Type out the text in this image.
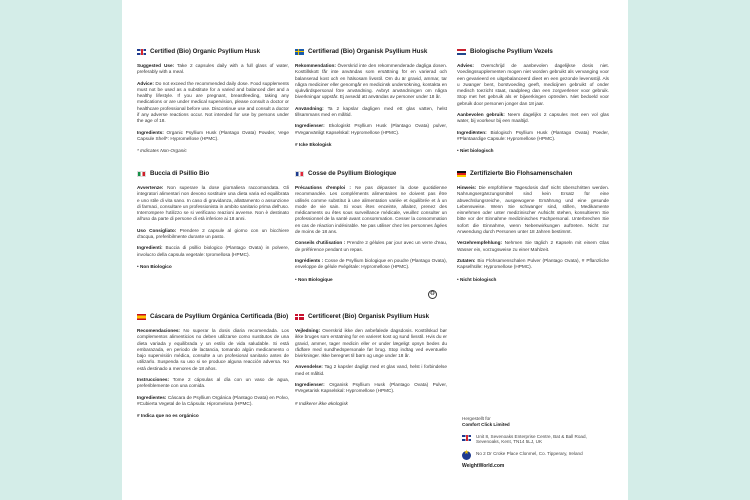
Certified (Bio) Organic Psyllium Husk

Suggested Use: Take 2 capsules daily with a full glass of water, preferably with a meal.

Advice: Do not exceed the recommended daily dose. Food supplements must not be used as a substitute for a varied and balanced diet and a healthy lifestyle. If you are pregnant, breastfeeding, taking any medications or are under medical supervision, please consult a doctor or healthcare professional before use. Discontinue use and consult a doctor if any adverse reactions occur. Not intended for use by persons under the age of 18.

Ingredients: Organic Psyllium Husk (Plantago Ovata) Powder, Vege Capsule Shell*: Hypromellose (HPMC).

* Indicates Non-Organic

Certifierad (Bio) Organisk Psyllium Husk

Rekommendation: Överskrid inte den rekommenderade dagliga dosen. Kosttillskott får inte användas som ersättning för en varierad och balanserad kost och en hälsosam livsstil. Om du är gravid, ammar, tar några mediciner eller genomgår en medicinsk undersökning, kontakta en sjukvårdspersonal före användning. Avbryt användningen om några biverkningar uppstår. Ej avsedd att användas av personer under 18 år.

Användning: Ta 2 kapslar dagligen med ett glas vatten, helst tillsammans med en måltid.

Ingredienser: Ekologiskt Psyllium Husk (Plantago Ovata) pulver, #Veganvänligt Kapselskal: Hypromellose (HPMC).

# Icke Ekologisk

Biologische Psyllium Vezels

Advies: Overschrijd de aanbevolen dagelijkse dosis niet. Voedingssupplementen mogen niet worden gebruikt als vervanging voor een gevarieerd en uitgebalanceerd dieet en een gezonde levensstijl. Als u zwanger bent, borstvoeding geeft, medicijnen gebruikt of onder medisch toezicht staat, raadpleeg dan een zorgverlener voor gebruik. Stop met het gebruik als er bijwerkingen optreden. Niet bedoeld voor gebruik door personen jonger dan 18 jaar.

Aanbevolen gebruik: Neem dagelijks 2 capsules met een vol glas water, bij voorkeur bij een maaltijd.

Ingrediënten: Biologisch Psyllium Husk (Plantago Ovata) Poeder, #Plantaardige Capsule: Hypromellose (HPMC).

• Niet biologisch

Buccia di Psillio Bio

Avvertenze: Non superare la dose giornaliera raccomandata. Gli integratori alimentari non devono sostituire una dieta varia ed equilibrata e uno stile di vita sano. In caso di gravidanza, allattamento o assunzione di farmaci, consultare un professionista in ambito sanitario prima dell'uso. Interrompere l'utilizzo se si verificano reazioni avverse. Non è destinato all'uso da parte di persone di età inferiore ai 18 anni.

Uso Consigliato: Prendere 2 capsule al giorno con un bicchiere d'acqua, preferibilmente durante un pasto.

Ingredienti: Buccia di psillio biologico (Plantago Ovata) in polvere, involucro della capsula vegetale: Ipromellosa (HPMC).

• Non Biologico

Cosse de Psyllium Biologique

Précautions d'emploi : Ne pas dépasser la dose quotidienne recommandée. Les compléments alimentaires ne doivent pas être utilisés comme substitut à une alimentation variée et équilibrée et à un mode de vie sain. Si vous êtes enceinte, allaitez, prenez des médicaments ou êtes sous surveillance médicale, veuillez consulter un professionnel de la santé avant consommation. Cesser la consommation en cas de réaction indésirable. Ne pas utiliser chez les personnes âgées de moins de 18 ans.

Conseils d'utilisation : Prendre 2 gélules par jour avec un verre d'eau, de préférence pendant un repas.

Ingrédients : Cosse de Psyllium biologique en poudre (Plantago Ovata), enveloppe de gélule #végétale: Hypromellose (HPMC).

• Non Biologique

Zertifizierte Bio Flohsamenschalen

Hinweis: Die empfohlene Tagesdosis darf nicht überschritten werden. Nahrungsergänzungsmittel sind kein Ersatz für eine abwechslungsreiche, ausgewogene Ernährung und eine gesunde Lebensweise. Wenn Sie schwanger sind, stillen, Medikamente einnehmen oder unter medizinischer Aufsicht stehen, konsultieren Sie bitte vor der Einnahme medizinisches Fachpersonal. Unterbrechen Sie sofort die Einnahme, wenn Nebenwirkungen auftreten. Nicht zur Anwendung durch Personen unter 18 Jahren bestimmt.

Verzehrempfehlung: Nehmen Sie täglich 2 Kapseln mit einem Glas Wasser ein, vorzugsweise zu einer Mahlzeit.

Zutaten: Bio Flohsamenschalen Pulver (Plantago Ovata), # Pflanzliche Kapselhülle: Hypromellose (HPMC).

• Nicht biologisch

Cáscara de Psyllium Orgánica Certificada (Bio)

Recomendaciones: No superar la dosis diaria recomendada. Los complementos alimenticios no deben utilizarse como sustitutos de una dieta variada y equilibrada y un estilo de vida saludable. Si está embarazada, en periodo de lactancia, tomando algún medicamento o bajo supervisión médica, consulte a un profesional sanitario antes de utilizarlo. Suspenda su uso si se produce alguna reacción adversa. No está destinado a menores de 18 años.

Instrucciones: Tome 2 cápsulas al día con un vaso de agua, preferiblemente con una comida.

Ingredientes: Cáscara de Psyllium Orgánica (Plantago Ovata) en Polvo, #Cubierta Vegetal de la Cápsula: Hipromelosa (HPMC).

# Indica que no es orgánico

Certificeret (Bio) Organisk Psyllium Husk

Vejledning: Overskrid ikke den anbefalede dagsdosis. Kosttilskud bør ikke bruges som erstatning for en varieret kost og sund livsstil. Hvis du er gravid, ammer, tager medicin eller er under lægeligt opsyn bedes du rådføre med sundhedspersonale før brug. Stop indtag ved eventuelle bivirkninger. Ikke beregnet til børn og unge under 18 år.

Anvendelse: Tag 2 kapsler dagligt med et glas vand, helst i forbindelse med et måltid.

Ingredienser: Organisk Psyllium Husk (Plantago Ovata) Pulver, #Vegetarisk Kapselskal: Hypromellose (HPMC).

# Indikerer ikke økologisk

♻
Hergestellt für
Comfort Click Limited
Unit 8, Sevenoaks Enterprise Centre, Bat & Ball Road, Sevenoaks, Kent, TN14 5LJ, UK
★
No 2 Dr Croke Place Clonmel, Co. Tipperary, Ireland
WeightWorld.com
